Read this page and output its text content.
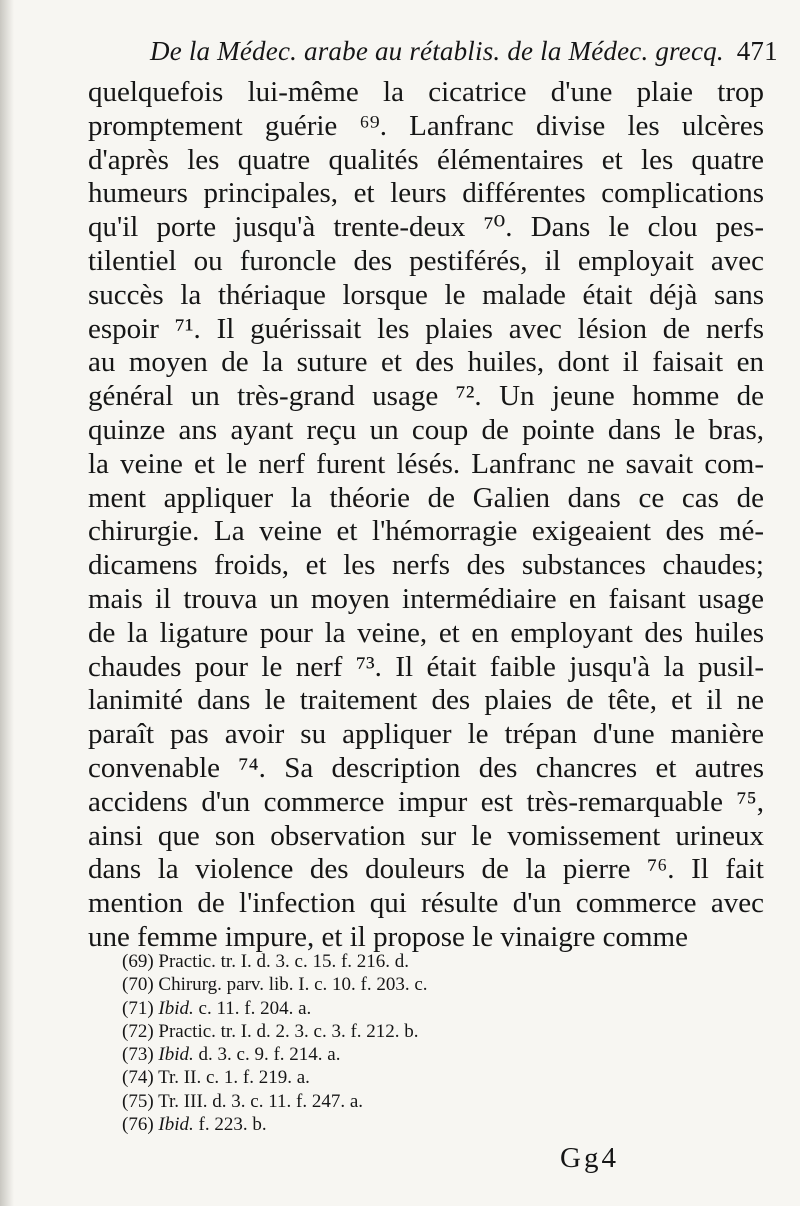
De la Médec. arabe au rétablis. de la Médec. grecq. 471
quelquefois lui-même la cicatrice d'une plaie trop
promptement guérie ⁶⁹. Lanfranc divise les ulcères
d'après les quatre qualités élémentaires et les quatre
humeurs principales, et leurs différentes complications
qu'il porte jusqu'à trente-deux ⁷⁰. Dans le clou pes-
tilentiel ou furoncle des pestiférés, il employait avec
succès la thériaque lorsque le malade était déjà sans
espoir ⁷¹. Il guérissait les plaies avec lésion de nerfs
au moyen de la suture et des huiles, dont il faisait en
général un très-grand usage ⁷². Un jeune homme de
quinze ans ayant reçu un coup de pointe dans le bras,
la veine et le nerf furent lésés. Lanfranc ne savait com-
ment appliquer la théorie de Galien dans ce cas de
chirurgie. La veine et l'hémorragie exigeaient des mé-
dicamens froids, et les nerfs des substances chaudes;
mais il trouva un moyen intermédiaire en faisant usage
de la ligature pour la veine, et en employant des huiles
chaudes pour le nerf ⁷³. Il était faible jusqu'à la pusil-
lanimité dans le traitement des plaies de tête, et il ne
paraît pas avoir su appliquer le trépan d'une manière
convenable ⁷⁴. Sa description des chancres et autres
accidens d'un commerce impur est très-remarquable ⁷⁵,
ainsi que son observation sur le vomissement urineux
dans la violence des douleurs de la pierre ⁷⁶. Il fait
mention de l'infection qui résulte d'un commerce avec
une femme impure, et il propose le vinaigre comme
(69) Practic. tr. I. d. 3. c. 15. f. 216. d.
(70) Chirurg. parv. lib. I. c. 10. f. 203. c.
(71) Ibid. c. 11. f. 204. a.
(72) Practic. tr. I. d. 2. 3. c. 3. f. 212. b.
(73) Ibid. d. 3. c. 9. f. 214. a.
(74) Tr. II. c. 1. f. 219. a.
(75) Tr. III. d. 3. c. 11. f. 247. a.
(76) Ibid. f. 223. b.
Gg4
